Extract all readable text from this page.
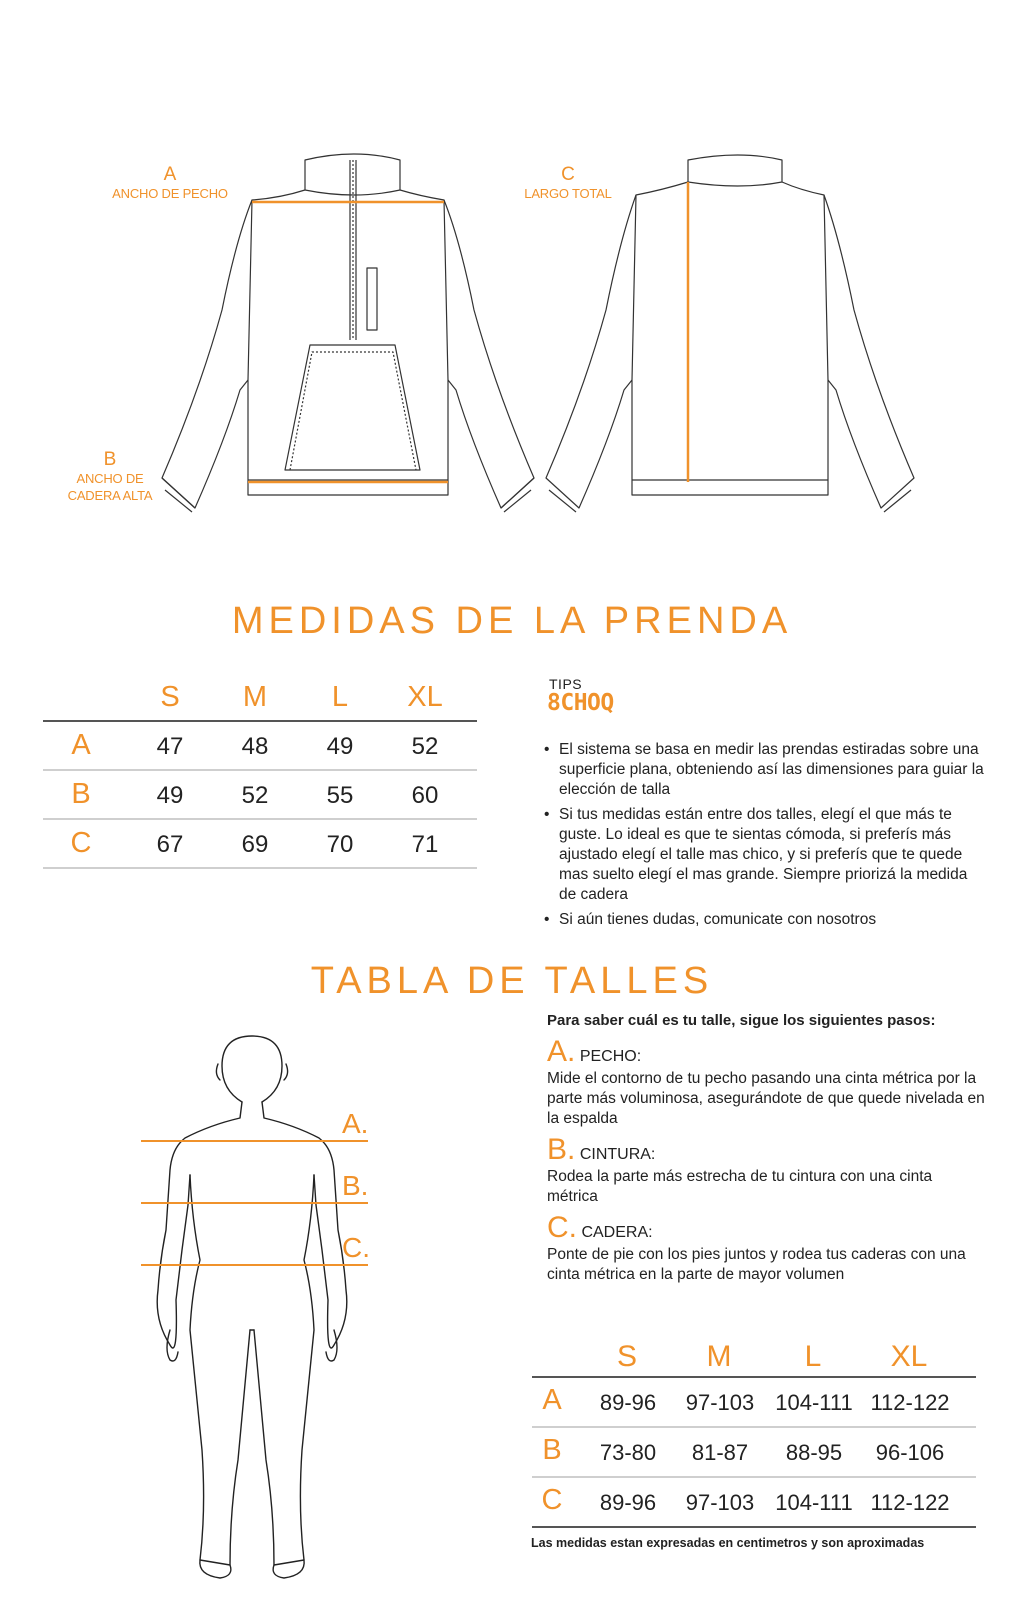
A
ANCHO DE PECHO
B
ANCHO DE
CADERA ALTA
C
LARGO TOTAL
MEDIDAS DE LA PRENDA
S	M	L	XL
A	47	48	49	52
B	49	52	55	60
C	67	69	70	71
TIPS
8CHOQ
• El sistema se basa en medir las prendas estiradas sobre una superficie plana, obteniendo así las dimensiones para guiar la elección de talla
• Si tus medidas están entre dos talles, elegí el que más te guste. Lo ideal es que te sientas cómoda, si preferís más ajustado elegí el talle mas chico, y si preferís que te quede mas suelto elegí el mas grande. Siempre priorizá la medida de cadera
• Si aún tienes dudas, comunicate con nosotros
TABLA DE TALLES
A.
B.
C.
Para saber cuál es tu talle, sigue los siguientes pasos:
A. PECHO:
Mide el contorno de tu pecho pasando una cinta métrica por la parte más voluminosa, asegurándote de que quede nivelada en la espalda
B. CINTURA:
Rodea la parte más estrecha de tu cintura con una cinta métrica
C. CADERA:
Ponte de pie con los pies juntos y rodea tus caderas con una cinta métrica en la parte de mayor volumen
S	M	L	XL
A	89-96	97-103 104-111 112-122
B	73-80	81-87	88-95	96-106
C	89-96	97-103 104-111 112-122
Las medidas estan expresadas en centimetros y son aproximadas
